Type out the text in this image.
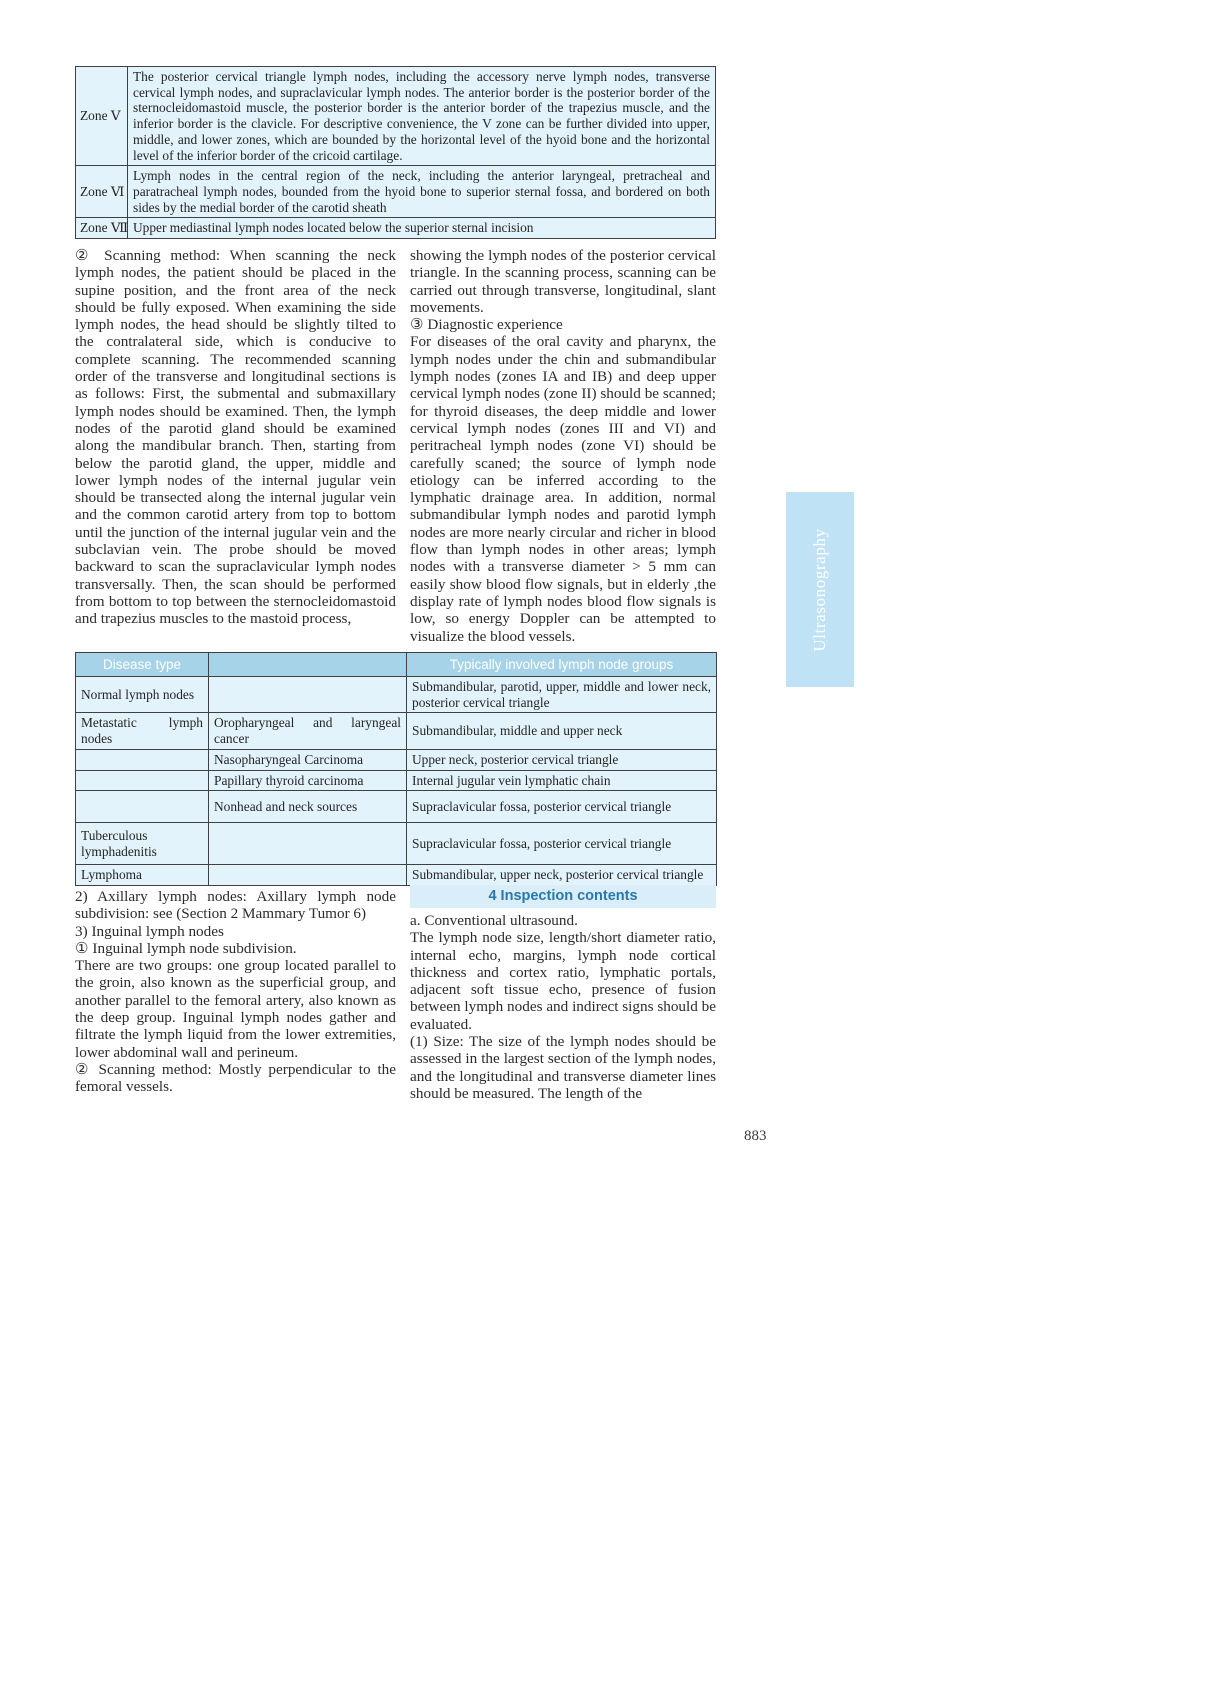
Zone Ⅴ	The posterior cervical triangle lymph nodes, including the accessory nerve lymph nodes, transverse cervical lymph nodes, and supraclavicular lymph nodes. The anterior border is the posterior border of the sternocleidomastoid muscle, the posterior border is the anterior border of the trapezius muscle, and the inferior border is the clavicle. For descriptive convenience, the V zone can be further divided into upper, middle, and lower zones, which are bounded by the horizontal level of the hyoid bone and the horizontal level of the inferior border of the cricoid cartilage.
Zone Ⅵ	Lymph nodes in the central region of the neck, including the anterior laryngeal, pretracheal and paratracheal lymph nodes, bounded from the hyoid bone to superior sternal fossa, and bordered on both sides by the medial border of the carotid sheath
Zone Ⅶ	Upper mediastinal lymph nodes located below the superior sternal incision

② Scanning method: When scanning the neck lymph nodes, the patient should be placed in the supine position, and the front area of the neck should be fully exposed. When examining the side lymph nodes, the head should be slightly tilted to the contralateral side, which is conducive to complete scanning. The recommended scanning order of the transverse and longitudinal sections is as follows: First, the submental and submaxillary lymph nodes should be examined. Then, the lymph nodes of the parotid gland should be examined along the mandibular branch. Then, starting from below the parotid gland, the upper, middle and lower lymph nodes of the internal jugular vein should be transected along the internal jugular vein and the common carotid artery from top to bottom until the junction of the internal jugular vein and the subclavian vein. The probe should be moved backward to scan the supraclavicular lymph nodes transversally. Then, the scan should be performed from bottom to top between the sternocleidomastoid and trapezius muscles to the mastoid process,

showing the lymph nodes of the posterior cervical triangle. In the scanning process, scanning can be carried out through transverse, longitudinal, slant movements.

③ Diagnostic experience

For diseases of the oral cavity and pharynx, the lymph nodes under the chin and submandibular lymph nodes (zones IA and IB) and deep upper cervical lymph nodes (zone II) should be scanned; for thyroid diseases, the deep middle and lower cervical lymph nodes (zones III and VI) and peritracheal lymph nodes (zone VI) should be carefully scaned; the source of lymph node etiology can be inferred according to the lymphatic drainage area. In addition, normal submandibular lymph nodes and parotid lymph nodes are more nearly circular and richer in blood flow than lymph nodes in other areas; lymph nodes with a transverse diameter > 5 mm can easily show blood flow signals, but in elderly ,the display rate of lymph nodes blood flow signals is low, so energy Doppler can be attempted to visualize the blood vessels.

Disease type		Typically involved lymph node groups
Normal lymph nodes		Submandibular, parotid, upper, middle and lower neck, posterior cervical triangle
Metastatic lymph nodes	Oropharyngeal and laryngeal cancer	Submandibular, middle and upper neck
	Nasopharyngeal Carcinoma	Upper neck, posterior cervical triangle
	Papillary thyroid carcinoma	Internal jugular vein lymphatic chain
	Nonhead and neck sources	Supraclavicular fossa, posterior cervical triangle
Tuberculous lymphadenitis		Supraclavicular fossa, posterior cervical triangle
Lymphoma		Submandibular, upper neck, posterior cervical triangle

2) Axillary lymph nodes: Axillary lymph node subdivision: see (Section 2 Mammary Tumor 6)

3) Inguinal lymph nodes

① Inguinal lymph node subdivision.

There are two groups: one group located parallel to the groin, also known as the superficial group, and another parallel to the femoral artery, also known as the deep group. Inguinal lymph nodes gather and filtrate the lymph liquid from the lower extremities, lower abdominal wall and perineum.

② Scanning method: Mostly perpendicular to the femoral vessels.

4 Inspection contents

a. Conventional ultrasound.

The lymph node size, length/short diameter ratio, internal echo, margins, lymph node cortical thickness and cortex ratio, lymphatic portals, adjacent soft tissue echo, presence of fusion between lymph nodes and indirect signs should be evaluated.

(1) Size: The size of the lymph nodes should be assessed in the largest section of the lymph nodes, and the longitudinal and transverse diameter lines should be measured. The length of the

883
Ultrasonography
